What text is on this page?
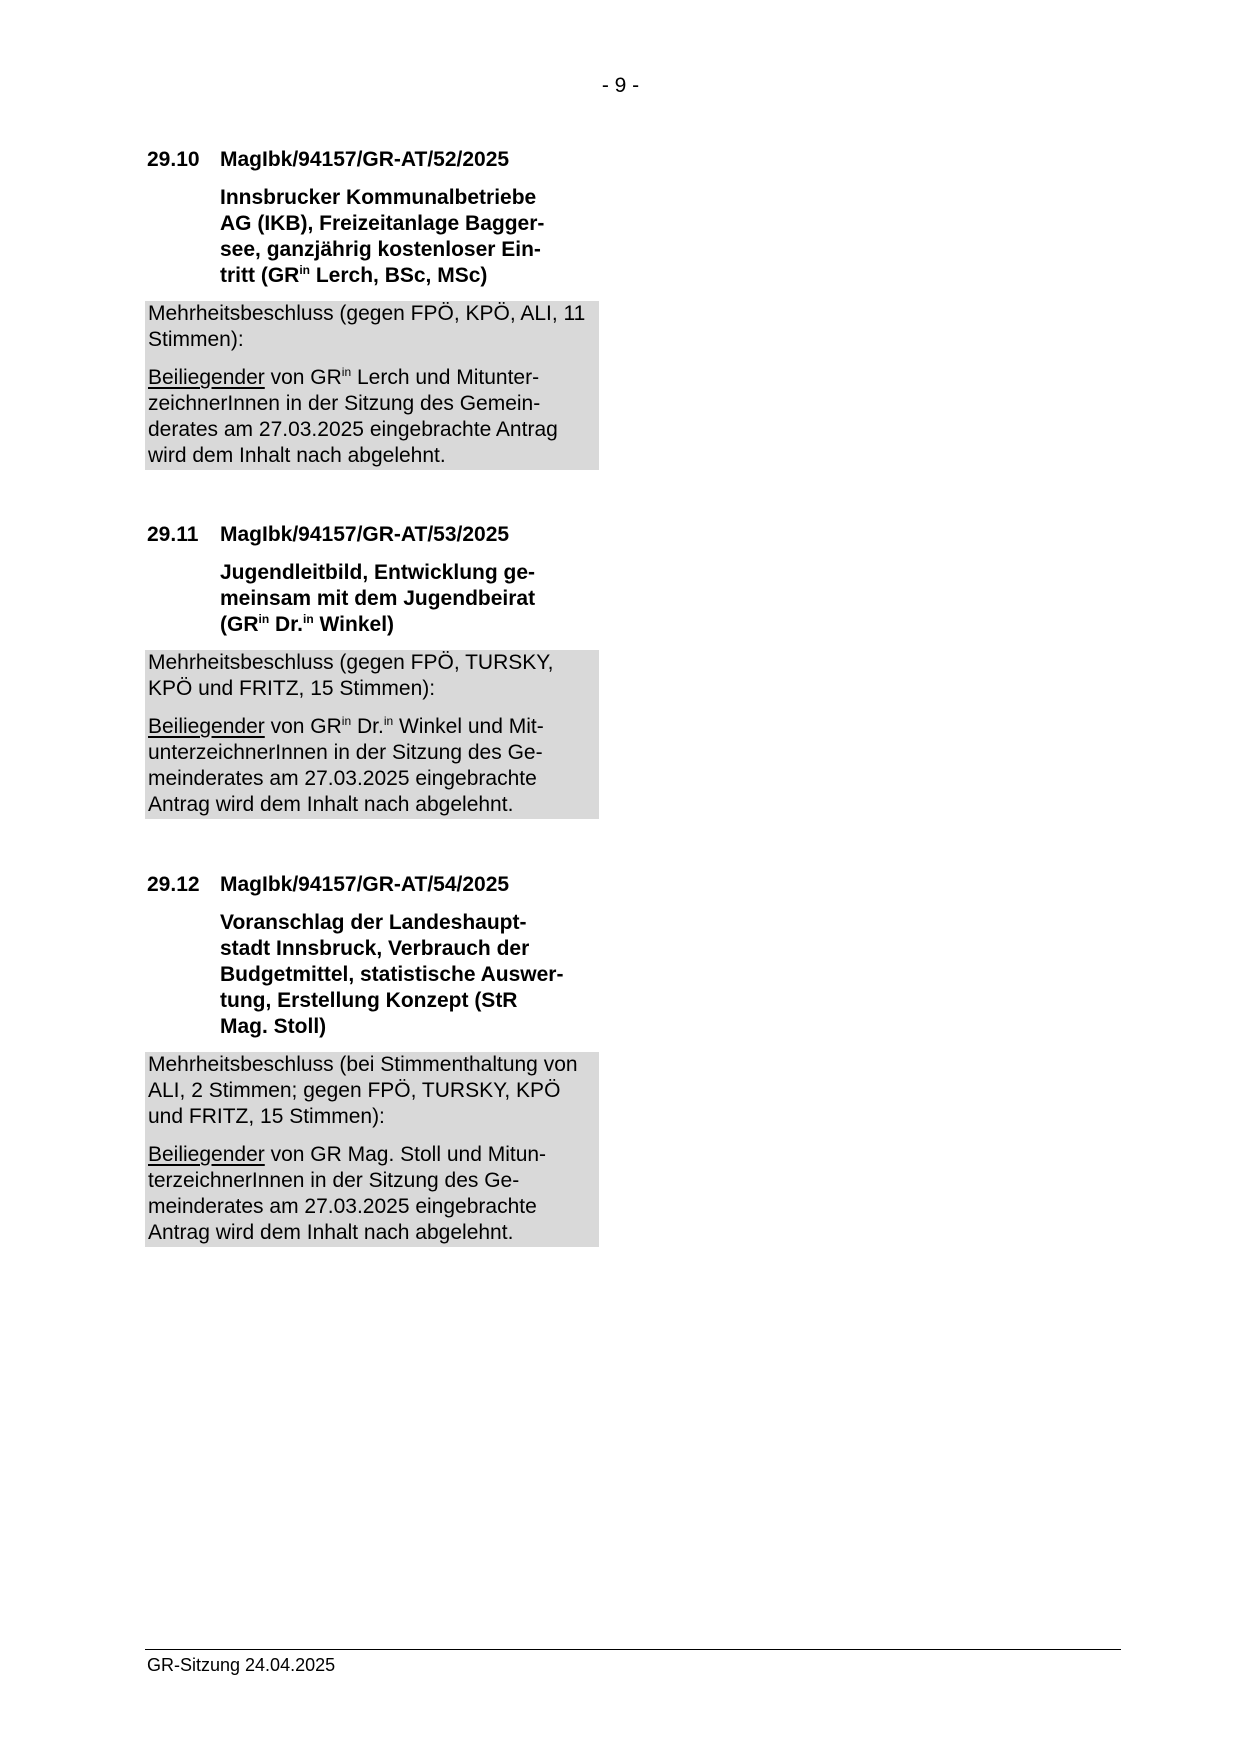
- 9 -
29.10 MagIbk/94157/GR-AT/52/2025
Innsbrucker Kommunalbetriebe
AG (IKB), Freizeitanlage Bagger-
see, ganzjährig kostenloser Ein-
tritt ($GR^{in}$ Lerch, BSc, MSc)
Mehrheitsbeschluss (gegen FPÖ, KPÖ, ALI, 11 Stimmen):
Beiliegender von $GR^{in}$ Lerch und Mitunter-zeichnerInnen in der Sitzung des Gemein-derates am 27.03.2025 eingebrachte Antrag wird dem Inhalt nach abgelehnt.
29.11 MagIbk/94157/GR-AT/53/2025
Jugendleitbild, Entwicklung ge-
meinsam mit dem Jugendbeirat
($GR^{in}$ Dr.$^{in}$ Winkel)
Mehrheitsbeschluss (gegen FPÖ, TURSKY, KPÖ und FRITZ, 15 Stimmen):
Beiliegender von $GR^{in}$ Dr.$^{in}$ Winkel und Mit-unterzeichnerInnen in der Sitzung des Ge-meinderates am 27.03.2025 eingebrachte Antrag wird dem Inhalt nach abgelehnt.
29.12 MagIbk/94157/GR-AT/54/2025
Voranschlag der Landeshaupt-
stadt Innsbruck, Verbrauch der
Budgetmittel, statistische Auswer-
tung, Erstellung Konzept (StR
Mag. Stoll)
Mehrheitsbeschluss (bei Stimmenthaltung von ALI, 2 Stimmen; gegen FPÖ, TURSKY, KPÖ und FRITZ, 15 Stimmen):
Beiliegender von GR Mag. Stoll und Mitun-terzeichnerInnen in der Sitzung des Ge-meinderates am 27.03.2025 eingebrachte Antrag wird dem Inhalt nach abgelehnt.
GR-Sitzung 24.04.2025
